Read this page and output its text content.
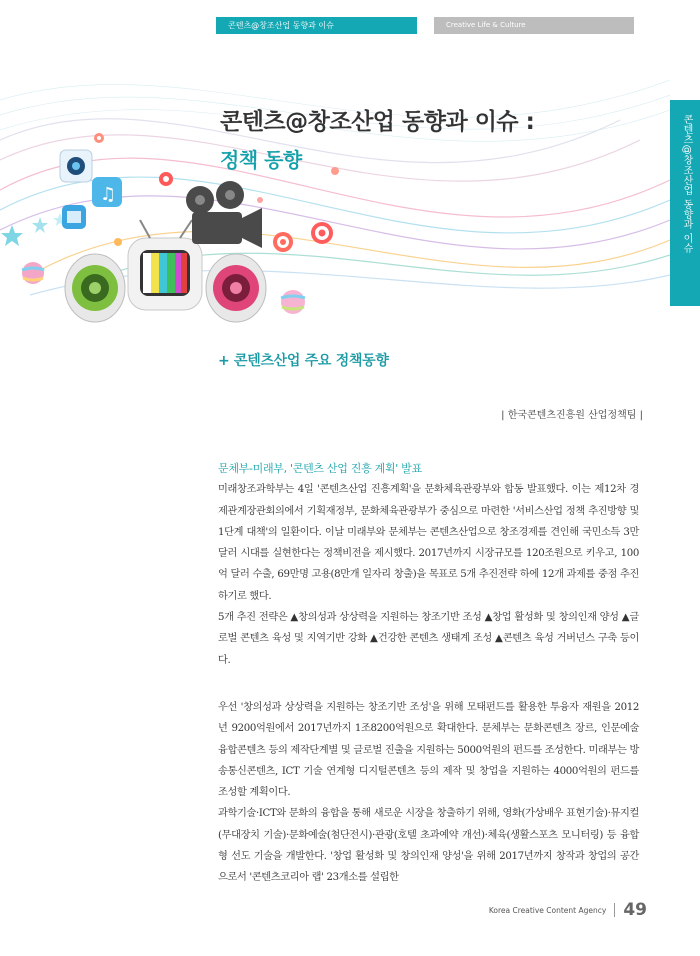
콘텐츠@창조산업 동향과 이슈	Creative Life & Culture
콘텐츠@창조산업 동향과 이슈
♫
콘텐츠@창조산업 동향과 이슈 :
정책 동향
+ 콘텐츠산업 주요 정책동향
| 한국콘텐츠진흥원 산업정책팀 |

문체부-미래부, '콘텐츠 산업 진흥 계획' 발표

미래창조과학부는 4일 '콘텐츠산업 진흥계획'을 문화체육관광부와 합동 발표했다. 이는 제12차 경제관계장관회의에서 기획재정부, 문화체육관광부가 중심으로 마련한 '서비스산업 정책 추진방향 및 1단계 대책'의 일환이다. 이날 미래부와 문체부는 콘텐츠산업으로 창조경제를 견인해 국민소득 3만 달러 시대를 실현한다는 정책비전을 제시했다. 2017년까지 시장규모를 120조원으로 키우고, 100억 달러 수출, 69만명 고용(8만개 일자리 창출)을 목표로 5개 추진전략 하에 12개 과제를 중점 추진하기로 했다.

5개 추진 전략은 ▲창의성과 상상력을 지원하는 창조기반 조성 ▲창업 활성화 및 창의인재 양성 ▲글로벌 콘텐츠 육성 및 지역기반 강화 ▲건강한 콘텐츠 생태계 조성 ▲콘텐츠 육성 거버넌스 구축 등이다.

우선 '창의성과 상상력을 지원하는 창조기반 조성'을 위해 모태펀드를 활용한 투융자 재원을 2012년 9200억원에서 2017년까지 1조8200억원으로 확대한다. 문체부는 문화콘텐츠 장르, 인문예술 융합콘텐츠 등의 제작단계별 및 글로벌 진출을 지원하는 5000억원의 펀드를 조성한다. 미래부는 방송통신콘텐츠, ICT 기술 연계형 디지털콘텐츠 등의 제작 및 창업을 지원하는 4000억원의 펀드를 조성할 계획이다.

과학기술·ICT와 문화의 융합을 통해 새로운 시장을 창출하기 위해, 영화(가상배우 표현기술)·뮤지컬(무대장치 기술)·문화예술(첨단전시)·관광(호텔 초과예약 개선)·체육(생활스포츠 모니터링) 등 융합형 선도 기술을 개발한다. '창업 활성화 및 창의인재 양성'을 위해 2017년까지 창작과 창업의 공간으로서 '콘텐츠코리아 랩' 23개소를 설립한

Korea Creative Content Agency 49
